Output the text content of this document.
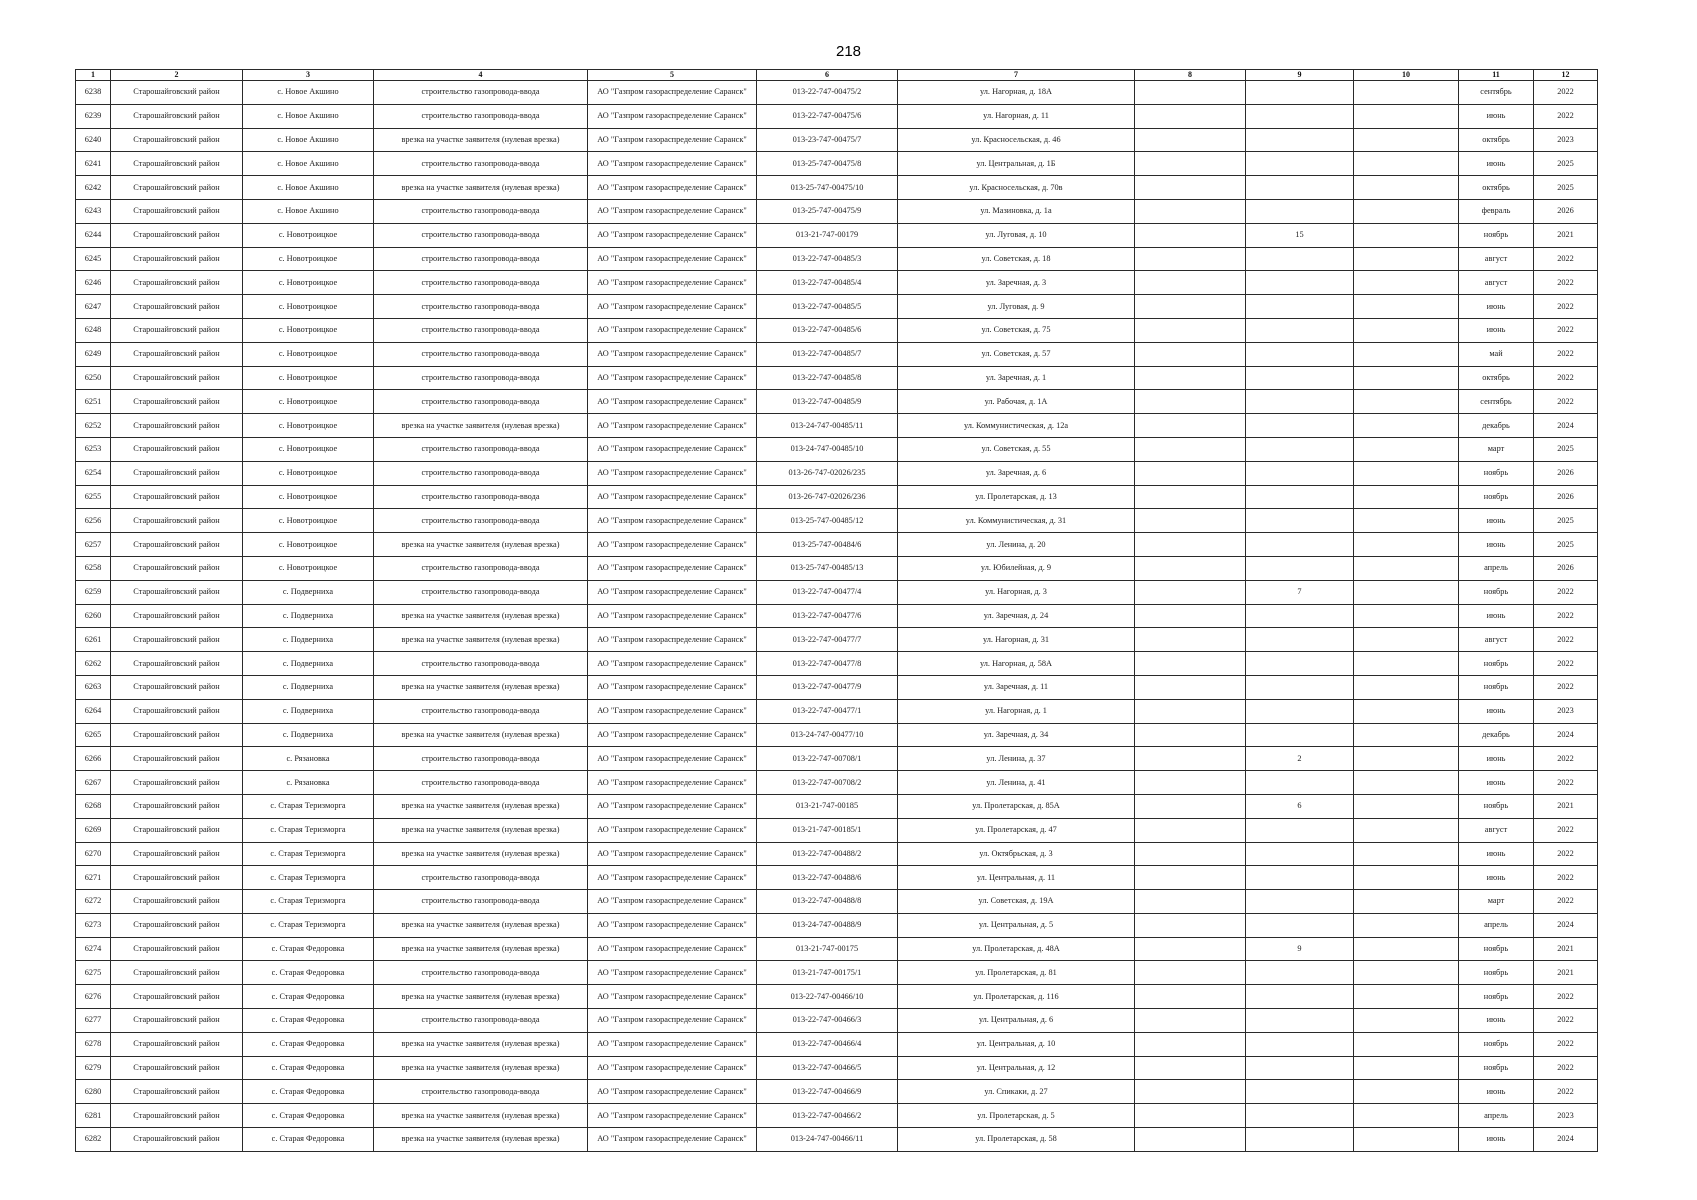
218
1	2	3	4	5	6	7	8	9	10	11	12
6238	Старошайговский район	с. Новое Акшино	строительство газопровода-ввода	АО "Газпром газораспределение Саранск"	013-22-747-00475/2	ул. Нагорная, д. 18А				сентябрь	2022
6239	Старошайговский район	с. Новое Акшино	строительство газопровода-ввода	АО "Газпром газораспределение Саранск"	013-22-747-00475/6	ул. Нагорная, д. 11				июнь	2022
6240	Старошайговский район	с. Новое Акшино	врезка на участке заявителя (нулевая врезка)	АО "Газпром газораспределение Саранск"	013-23-747-00475/7	ул. Красносельская, д. 46				октябрь	2023
6241	Старошайговский район	с. Новое Акшино	строительство газопровода-ввода	АО "Газпром газораспределение Саранск"	013-25-747-00475/8	ул. Центральная, д. 1Б				июнь	2025
6242	Старошайговский район	с. Новое Акшино	врезка на участке заявителя (нулевая врезка)	АО "Газпром газораспределение Саранск"	013-25-747-00475/10	ул. Красносельская, д. 70в				октябрь	2025
6243	Старошайговский район	с. Новое Акшино	строительство газопровода-ввода	АО "Газпром газораспределение Саранск"	013-25-747-00475/9	ул. Мазиновка, д. 1а				февраль	2026
6244	Старошайговский район	с. Новотроицкое	строительство газопровода-ввода	АО "Газпром газораспределение Саранск"	013-21-747-00179	ул. Луговая, д. 10		15		ноябрь	2021
6245	Старошайговский район	с. Новотроицкое	строительство газопровода-ввода	АО "Газпром газораспределение Саранск"	013-22-747-00485/3	ул. Советская, д. 18				август	2022
6246	Старошайговский район	с. Новотроицкое	строительство газопровода-ввода	АО "Газпром газораспределение Саранск"	013-22-747-00485/4	ул. Заречная, д. 3				август	2022
6247	Старошайговский район	с. Новотроицкое	строительство газопровода-ввода	АО "Газпром газораспределение Саранск"	013-22-747-00485/5	ул. Луговая, д. 9				июнь	2022
6248	Старошайговский район	с. Новотроицкое	строительство газопровода-ввода	АО "Газпром газораспределение Саранск"	013-22-747-00485/6	ул. Советская, д. 75				июнь	2022
6249	Старошайговский район	с. Новотроицкое	строительство газопровода-ввода	АО "Газпром газораспределение Саранск"	013-22-747-00485/7	ул. Советская, д. 57				май	2022
6250	Старошайговский район	с. Новотроицкое	строительство газопровода-ввода	АО "Газпром газораспределение Саранск"	013-22-747-00485/8	ул. Заречная, д. 1				октябрь	2022
6251	Старошайговский район	с. Новотроицкое	строительство газопровода-ввода	АО "Газпром газораспределение Саранск"	013-22-747-00485/9	ул. Рабочая, д. 1А				сентябрь	2022
6252	Старошайговский район	с. Новотроицкое	врезка на участке заявителя (нулевая врезка)	АО "Газпром газораспределение Саранск"	013-24-747-00485/11	ул. Коммунистическая, д. 12а				декабрь	2024
6253	Старошайговский район	с. Новотроицкое	строительство газопровода-ввода	АО "Газпром газораспределение Саранск"	013-24-747-00485/10	ул. Советская, д. 55				март	2025
6254	Старошайговский район	с. Новотроицкое	строительство газопровода-ввода	АО "Газпром газораспределение Саранск"	013-26-747-02026/235	ул. Заречная, д. 6				ноябрь	2026
6255	Старошайговский район	с. Новотроицкое	строительство газопровода-ввода	АО "Газпром газораспределение Саранск"	013-26-747-02026/236	ул. Пролетарская, д. 13				ноябрь	2026
6256	Старошайговский район	с. Новотроицкое	строительство газопровода-ввода	АО "Газпром газораспределение Саранск"	013-25-747-00485/12	ул. Коммунистическая, д. 31				июнь	2025
6257	Старошайговский район	с. Новотроицкое	врезка на участке заявителя (нулевая врезка)	АО "Газпром газораспределение Саранск"	013-25-747-00484/6	ул. Ленина, д. 20				июнь	2025
6258	Старошайговский район	с. Новотроицкое	строительство газопровода-ввода	АО "Газпром газораспределение Саранск"	013-25-747-00485/13	ул. Юбилейная, д. 9				апрель	2026
6259	Старошайговский район	с. Подверниха	строительство газопровода-ввода	АО "Газпром газораспределение Саранск"	013-22-747-00477/4	ул. Нагорная, д. 3		7		ноябрь	2022
6260	Старошайговский район	с. Подверниха	врезка на участке заявителя (нулевая врезка)	АО "Газпром газораспределение Саранск"	013-22-747-00477/6	ул. Заречная, д. 24				июнь	2022
6261	Старошайговский район	с. Подверниха	врезка на участке заявителя (нулевая врезка)	АО "Газпром газораспределение Саранск"	013-22-747-00477/7	ул. Нагорная, д. 31				август	2022
6262	Старошайговский район	с. Подверниха	строительство газопровода-ввода	АО "Газпром газораспределение Саранск"	013-22-747-00477/8	ул. Нагорная, д. 58А				ноябрь	2022
6263	Старошайговский район	с. Подверниха	врезка на участке заявителя (нулевая врезка)	АО "Газпром газораспределение Саранск"	013-22-747-00477/9	ул. Заречная, д. 11				ноябрь	2022
6264	Старошайговский район	с. Подверниха	строительство газопровода-ввода	АО "Газпром газораспределение Саранск"	013-22-747-00477/1	ул. Нагорная, д. 1				июнь	2023
6265	Старошайговский район	с. Подверниха	врезка на участке заявителя (нулевая врезка)	АО "Газпром газораспределение Саранск"	013-24-747-00477/10	ул. Заречная, д. 34				декабрь	2024
6266	Старошайговский район	с. Рязановка	строительство газопровода-ввода	АО "Газпром газораспределение Саранск"	013-22-747-00708/1	ул. Ленина, д. 37		2		июнь	2022
6267	Старошайговский район	с. Рязановка	строительство газопровода-ввода	АО "Газпром газораспределение Саранск"	013-22-747-00708/2	ул. Ленина, д. 41				июнь	2022
6268	Старошайговский район	с. Старая Теризморга	врезка на участке заявителя (нулевая врезка)	АО "Газпром газораспределение Саранск"	013-21-747-00185	ул. Пролетарская, д. 85А		6		ноябрь	2021
6269	Старошайговский район	с. Старая Теризморга	врезка на участке заявителя (нулевая врезка)	АО "Газпром газораспределение Саранск"	013-21-747-00185/1	ул. Пролетарская, д. 47				август	2022
6270	Старошайговский район	с. Старая Теризморга	врезка на участке заявителя (нулевая врезка)	АО "Газпром газораспределение Саранск"	013-22-747-00488/2	ул. Октябрьская, д. 3				июнь	2022
6271	Старошайговский район	с. Старая Теризморга	строительство газопровода-ввода	АО "Газпром газораспределение Саранск"	013-22-747-00488/6	ул. Центральная, д. 11				июнь	2022
6272	Старошайговский район	с. Старая Теризморга	строительство газопровода-ввода	АО "Газпром газораспределение Саранск"	013-22-747-00488/8	ул. Советская, д. 19А				март	2022
6273	Старошайговский район	с. Старая Теризморга	врезка на участке заявителя (нулевая врезка)	АО "Газпром газораспределение Саранск"	013-24-747-00488/9	ул. Центральная, д. 5				апрель	2024
6274	Старошайговский район	с. Старая Федоровка	врезка на участке заявителя (нулевая врезка)	АО "Газпром газораспределение Саранск"	013-21-747-00175	ул. Пролетарская, д. 48А		9		ноябрь	2021
6275	Старошайговский район	с. Старая Федоровка	строительство газопровода-ввода	АО "Газпром газораспределение Саранск"	013-21-747-00175/1	ул. Пролетарская, д. 81				ноябрь	2021
6276	Старошайговский район	с. Старая Федоровка	врезка на участке заявителя (нулевая врезка)	АО "Газпром газораспределение Саранск"	013-22-747-00466/10	ул. Пролетарская, д. 116				ноябрь	2022
6277	Старошайговский район	с. Старая Федоровка	строительство газопровода-ввода	АО "Газпром газораспределение Саранск"	013-22-747-00466/3	ул. Центральная, д. 6				июнь	2022
6278	Старошайговский район	с. Старая Федоровка	врезка на участке заявителя (нулевая врезка)	АО "Газпром газораспределение Саранск"	013-22-747-00466/4	ул. Центральная, д. 10				ноябрь	2022
6279	Старошайговский район	с. Старая Федоровка	врезка на участке заявителя (нулевая врезка)	АО "Газпром газораспределение Саранск"	013-22-747-00466/5	ул. Центральная, д. 12				ноябрь	2022
6280	Старошайговский район	с. Старая Федоровка	строительство газопровода-ввода	АО "Газпром газораспределение Саранск"	013-22-747-00466/9	ул. Спикаки, д. 27				июнь	2022
6281	Старошайговский район	с. Старая Федоровка	врезка на участке заявителя (нулевая врезка)	АО "Газпром газораспределение Саранск"	013-22-747-00466/2	ул. Пролетарская, д. 5				апрель	2023
6282	Старошайговский район	с. Старая Федоровка	врезка на участке заявителя (нулевая врезка)	АО "Газпром газораспределение Саранск"	013-24-747-00466/11	ул. Пролетарская, д. 58				июнь	2024
